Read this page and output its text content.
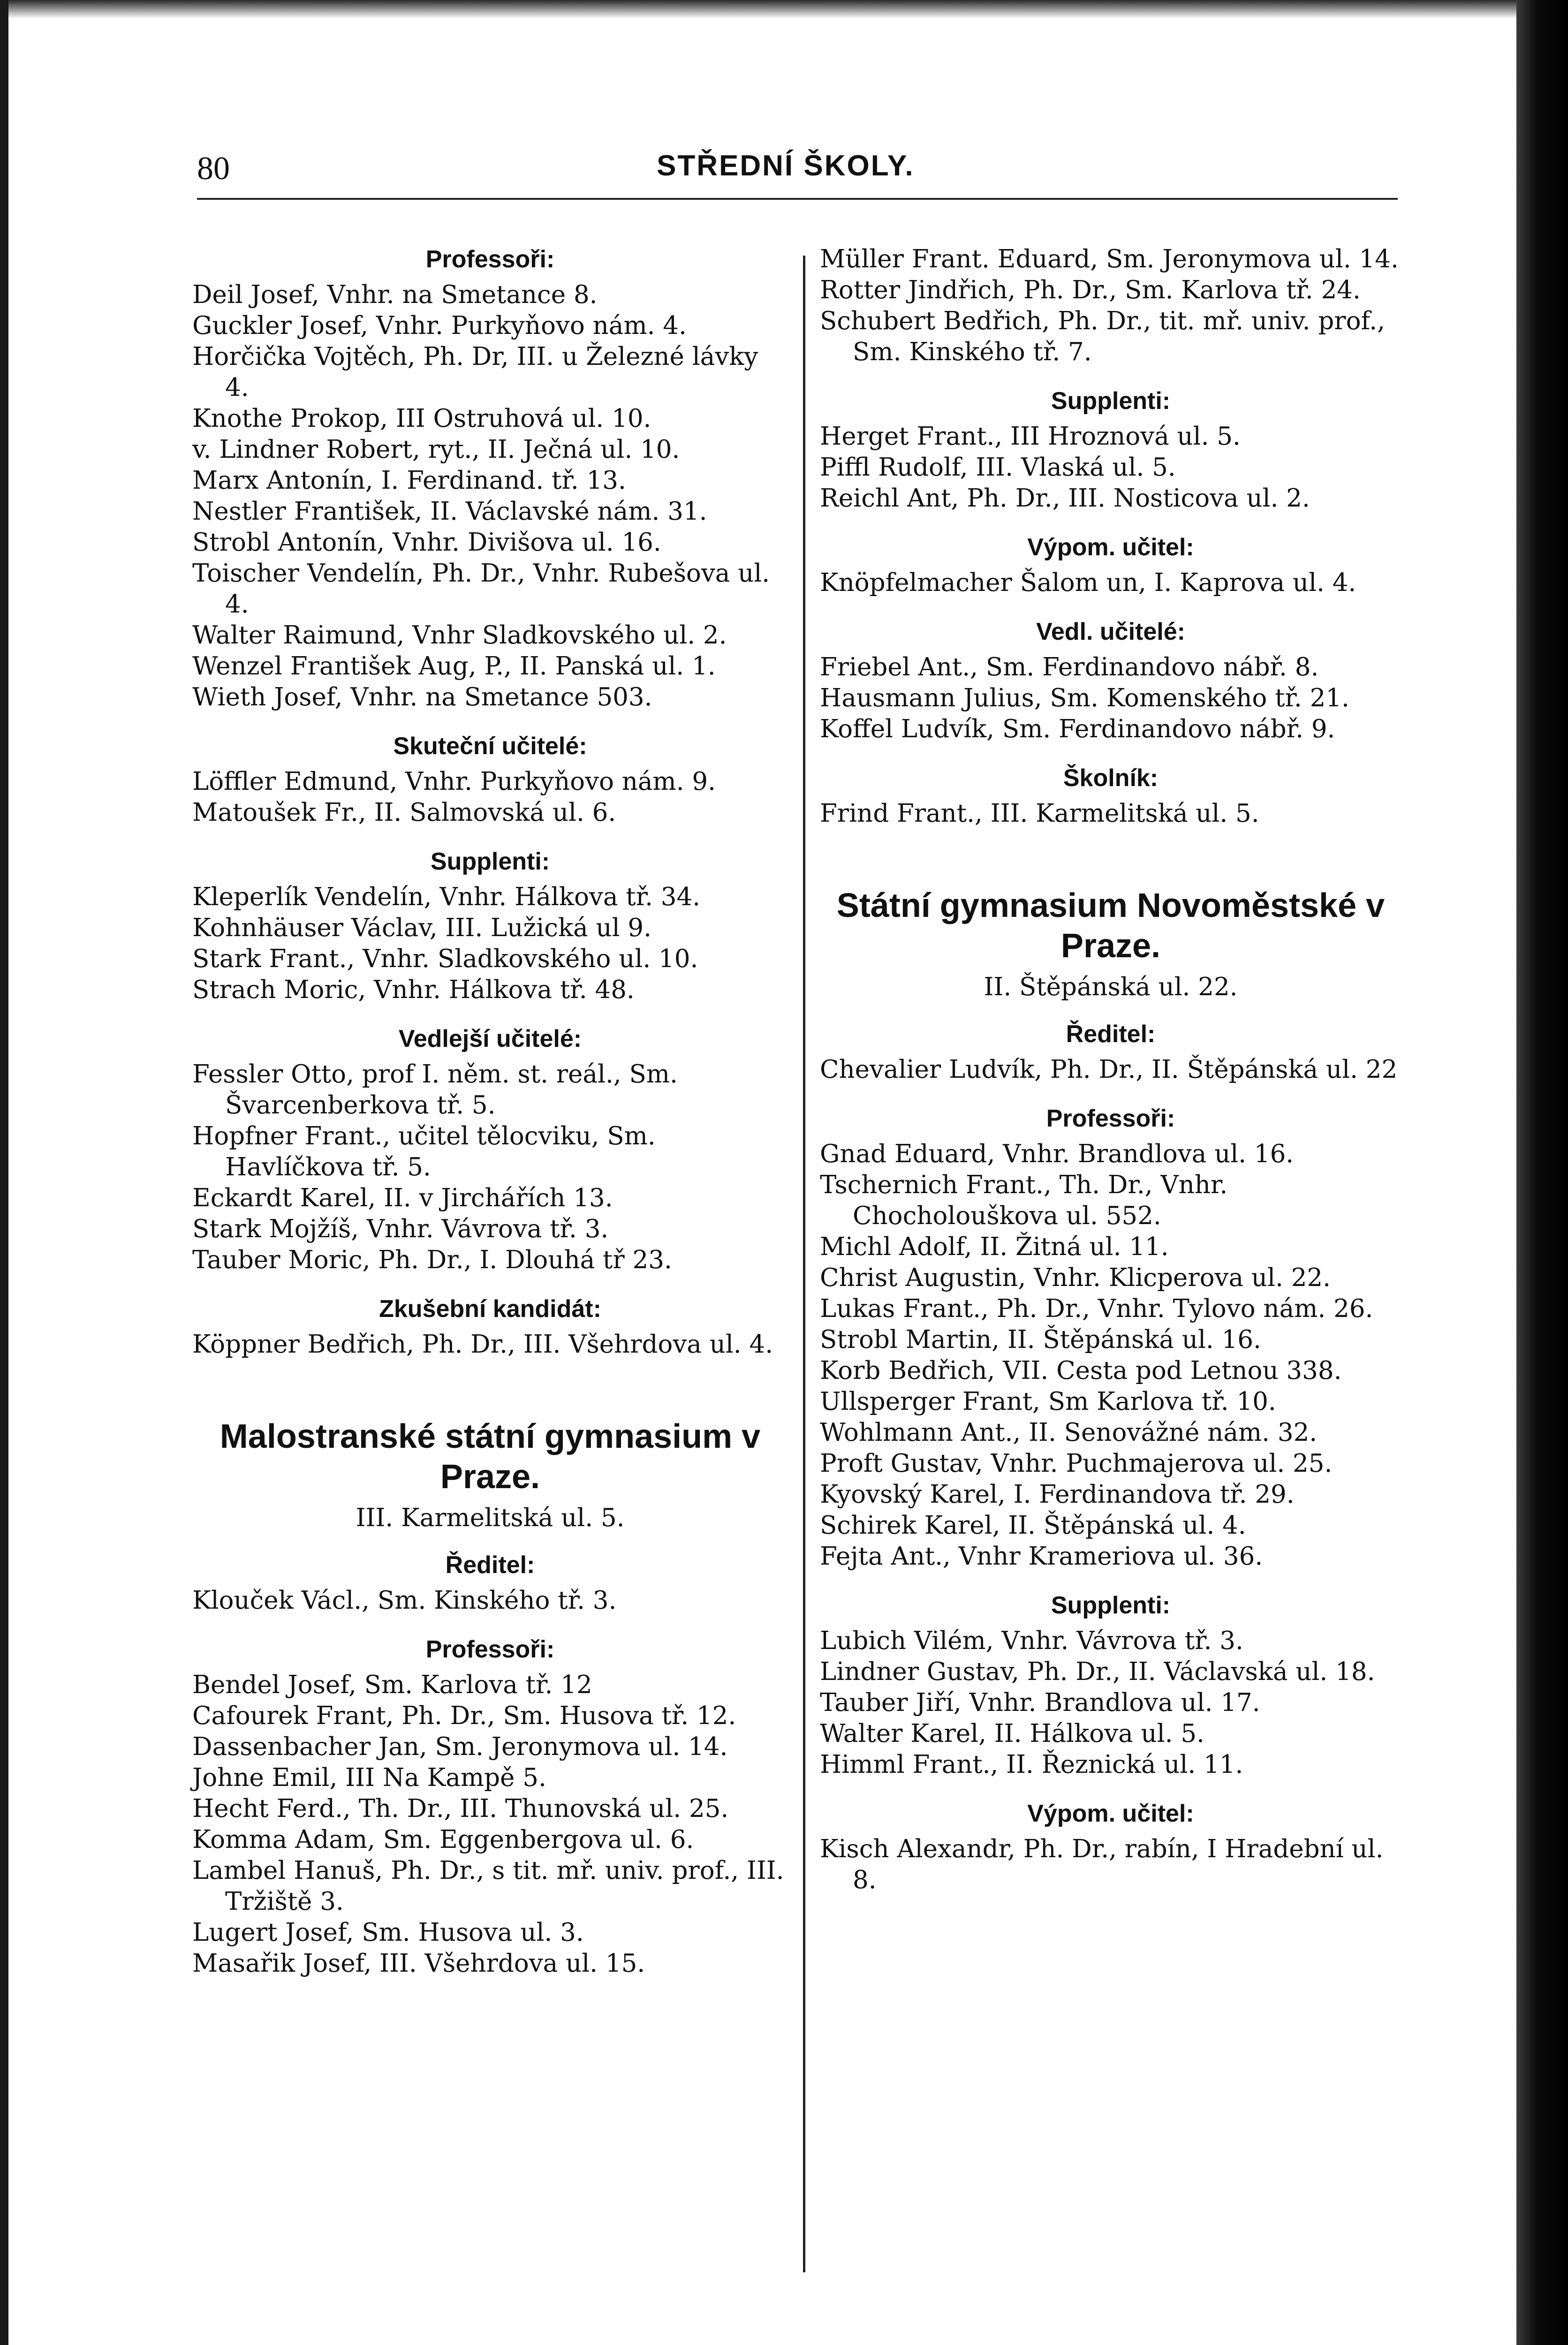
80	STŘEDNÍ ŠKOLY.
Professoři:

Deil Josef, Vnhr. na Smetance 8.

Guckler Josef, Vnhr. Purkyňovo nám. 4.

Horčička Vojtěch, Ph. Dr, III. u Železné lávky 4.

Knothe Prokop, III Ostruhová ul. 10.

v. Lindner Robert, ryt., II. Ječná ul. 10.

Marx Antonín, I. Ferdinand. tř. 13.

Nestler František, II. Václavské nám. 31.

Strobl Antonín, Vnhr. Divišova ul. 16.

Toischer Vendelín, Ph. Dr., Vnhr. Rubešova ul. 4.

Walter Raimund, Vnhr Sladkovského ul. 2.

Wenzel František Aug, P., II. Panská ul. 1.

Wieth Josef, Vnhr. na Smetance 503.

Skuteční učitelé:

Löffler Edmund, Vnhr. Purkyňovo nám. 9.

Matoušek Fr., II. Salmovská ul. 6.

Supplenti:

Kleperlík Vendelín, Vnhr. Hálkova tř. 34.

Kohnhäuser Václav, III. Lužická ul 9.

Stark Frant., Vnhr. Sladkovského ul. 10.

Strach Moric, Vnhr. Hálkova tř. 48.

Vedlejší učitelé:

Fessler Otto, prof I. něm. st. reál., Sm. Švarcenberkova tř. 5.

Hopfner Frant., učitel tělocviku, Sm. Havlíčkova tř. 5.

Eckardt Karel, II. v Jirchářích 13.

Stark Mojžíš, Vnhr. Vávrova tř. 3.

Tauber Moric, Ph. Dr., I. Dlouhá tř 23.

Zkušební kandidát:

Köppner Bedřich, Ph. Dr., III. Všehrdova ul. 4.

Malostranské státní gymnasium v Praze.
III. Karmelitská ul. 5.
Ředitel:

Klouček Václ., Sm. Kinského tř. 3.

Professoři:

Bendel Josef, Sm. Karlova tř. 12

Cafourek Frant, Ph. Dr., Sm. Husova tř. 12.

Dassenbacher Jan, Sm. Jeronymova ul. 14.

Johne Emil, III Na Kampě 5.

Hecht Ferd., Th. Dr., III. Thunovská ul. 25.

Komma Adam, Sm. Eggenbergova ul. 6.

Lambel Hanuš, Ph. Dr., s tit. mř. univ. prof., III. Tržiště 3.

Lugert Josef, Sm. Husova ul. 3.

Masařik Josef, III. Všehrdova ul. 15.

Müller Frant. Eduard, Sm. Jeronymova ul. 14.

Rotter Jindřich, Ph. Dr., Sm. Karlova tř. 24.

Schubert Bedřich, Ph. Dr., tit. mř. univ. prof., Sm. Kinského tř. 7.

Supplenti:

Herget Frant., III Hroznová ul. 5.

Piffl Rudolf, III. Vlaská ul. 5.

Reichl Ant, Ph. Dr., III. Nosticova ul. 2.

Výpom. učitel:

Knöpfelmacher Šalom un, I. Kaprova ul. 4.

Vedl. učitelé:

Friebel Ant., Sm. Ferdinandovo nábř. 8.

Hausmann Julius, Sm. Komenského tř. 21.

Koffel Ludvík, Sm. Ferdinandovo nábř. 9.

Školník:

Frind Frant., III. Karmelitská ul. 5.

Státní gymnasium Novoměstské v Praze.
II. Štěpánská ul. 22.
Ředitel:

Chevalier Ludvík, Ph. Dr., II. Štěpánská ul. 22

Professoři:

Gnad Eduard, Vnhr. Brandlova ul. 16.

Tschernich Frant., Th. Dr., Vnhr. Chocholouškova ul. 552.

Michl Adolf, II. Žitná ul. 11.

Christ Augustin, Vnhr. Klicperova ul. 22.

Lukas Frant., Ph. Dr., Vnhr. Tylovo nám. 26.

Strobl Martin, II. Štěpánská ul. 16.

Korb Bedřich, VII. Cesta pod Letnou 338.

Ullsperger Frant, Sm Karlova tř. 10.

Wohlmann Ant., II. Senovážné nám. 32.

Proft Gustav, Vnhr. Puchmajerova ul. 25.

Kyovský Karel, I. Ferdinandova tř. 29.

Schirek Karel, II. Štěpánská ul. 4.

Fejta Ant., Vnhr Krameriova ul. 36.

Supplenti:

Lubich Vilém, Vnhr. Vávrova tř. 3.

Lindner Gustav, Ph. Dr., II. Václavská ul. 18.

Tauber Jiří, Vnhr. Brandlova ul. 17.

Walter Karel, II. Hálkova ul. 5.

Himml Frant., II. Řeznická ul. 11.

Výpom. učitel:

Kisch Alexandr, Ph. Dr., rabín, I Hradební ul. 8.
